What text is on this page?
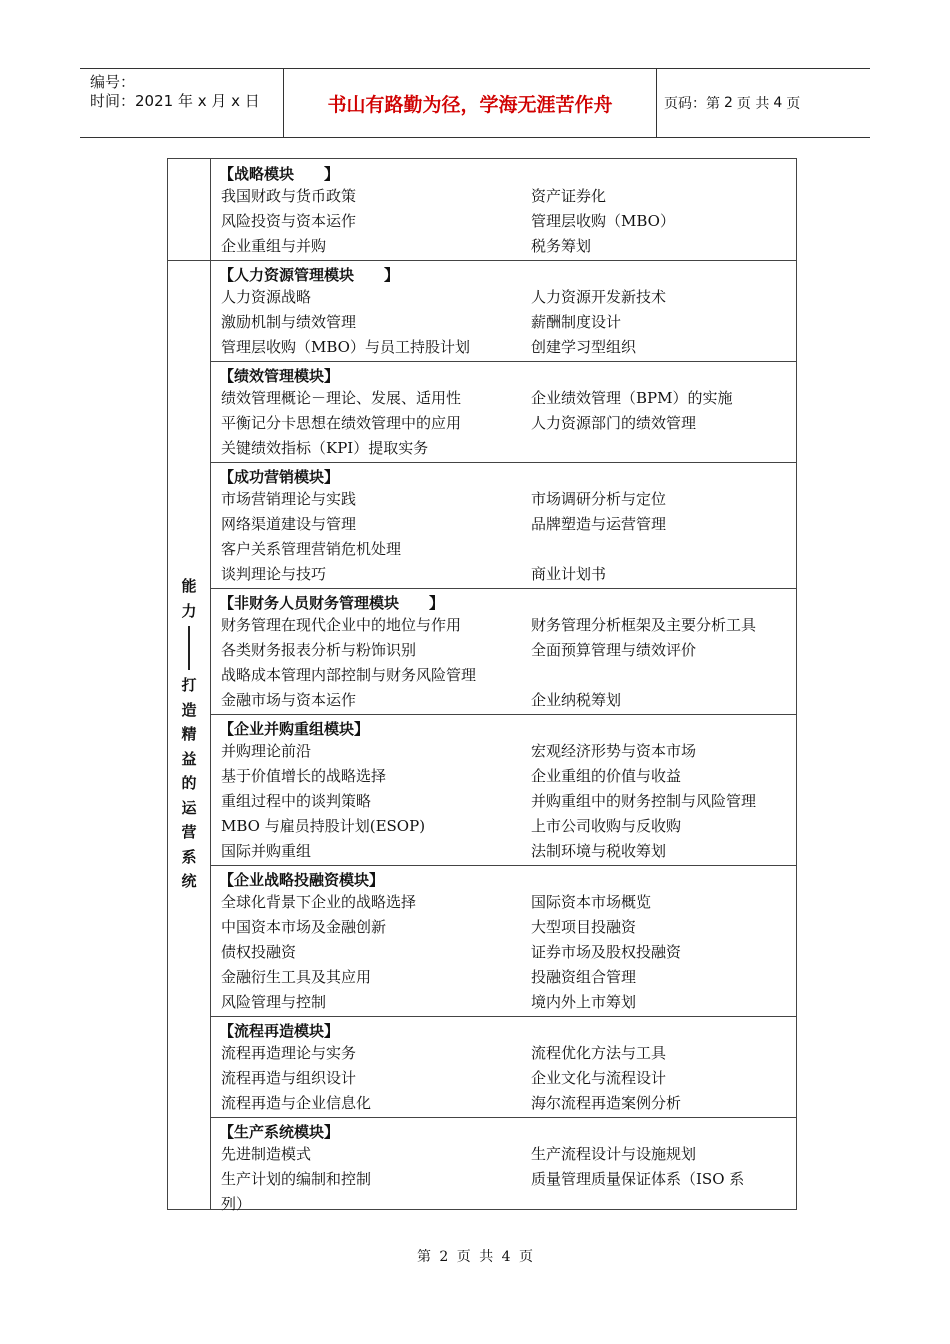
编号：
时间：2021 年 x 月 x 日	书山有路勤为径，学海无涯苦作舟	页码：第 2 页 共 4 页
能
力
打
造
精
益
的
运
营
系
统
【战略模块　　】
我国财政与货币政策	资产证券化
风险投资与资本运作	管理层收购（MBO）
企业重组与并购	税务筹划
【人力资源管理模块　　】
人力资源战略	人力资源开发新技术
激励机制与绩效管理	薪酬制度设计
管理层收购（MBO）与员工持股计划	创建学习型组织
【绩效管理模块】
绩效管理概论－理论、发展、适用性	企业绩效管理（BPM）的实施
平衡记分卡思想在绩效管理中的应用	人力资源部门的绩效管理
关键绩效指标（KPI）提取实务
【成功营销模块】
市场营销理论与实践	市场调研分析与定位
网络渠道建设与管理	品牌塑造与运营管理
客户关系管理营销危机处理
谈判理论与技巧	商业计划书
【非财务人员财务管理模块　　】
财务管理在现代企业中的地位与作用	财务管理分析框架及主要分析工具
各类财务报表分析与粉饰识别	全面预算管理与绩效评价
战略成本管理内部控制与财务风险管理
金融市场与资本运作	企业纳税筹划
【企业并购重组模块】
并购理论前沿	宏观经济形势与资本市场
基于价值增长的战略选择	企业重组的价值与收益
重组过程中的谈判策略	并购重组中的财务控制与风险管理
MBO 与雇员持股计划(ESOP)	上市公司收购与反收购
国际并购重组	法制环境与税收筹划
【企业战略投融资模块】
全球化背景下企业的战略选择	国际资本市场概览
中国资本市场及金融创新	大型项目投融资
债权投融资	证券市场及股权投融资
金融衍生工具及其应用	投融资组合管理
风险管理与控制	境内外上市筹划
【流程再造模块】
流程再造理论与实务	流程优化方法与工具
流程再造与组织设计	企业文化与流程设计
流程再造与企业信息化	海尔流程再造案例分析
【生产系统模块】
先进制造模式	生产流程设计与设施规划
生产计划的编制和控制	质量管理质量保证体系（ISO 系
列）
第 2 页 共 4 页
